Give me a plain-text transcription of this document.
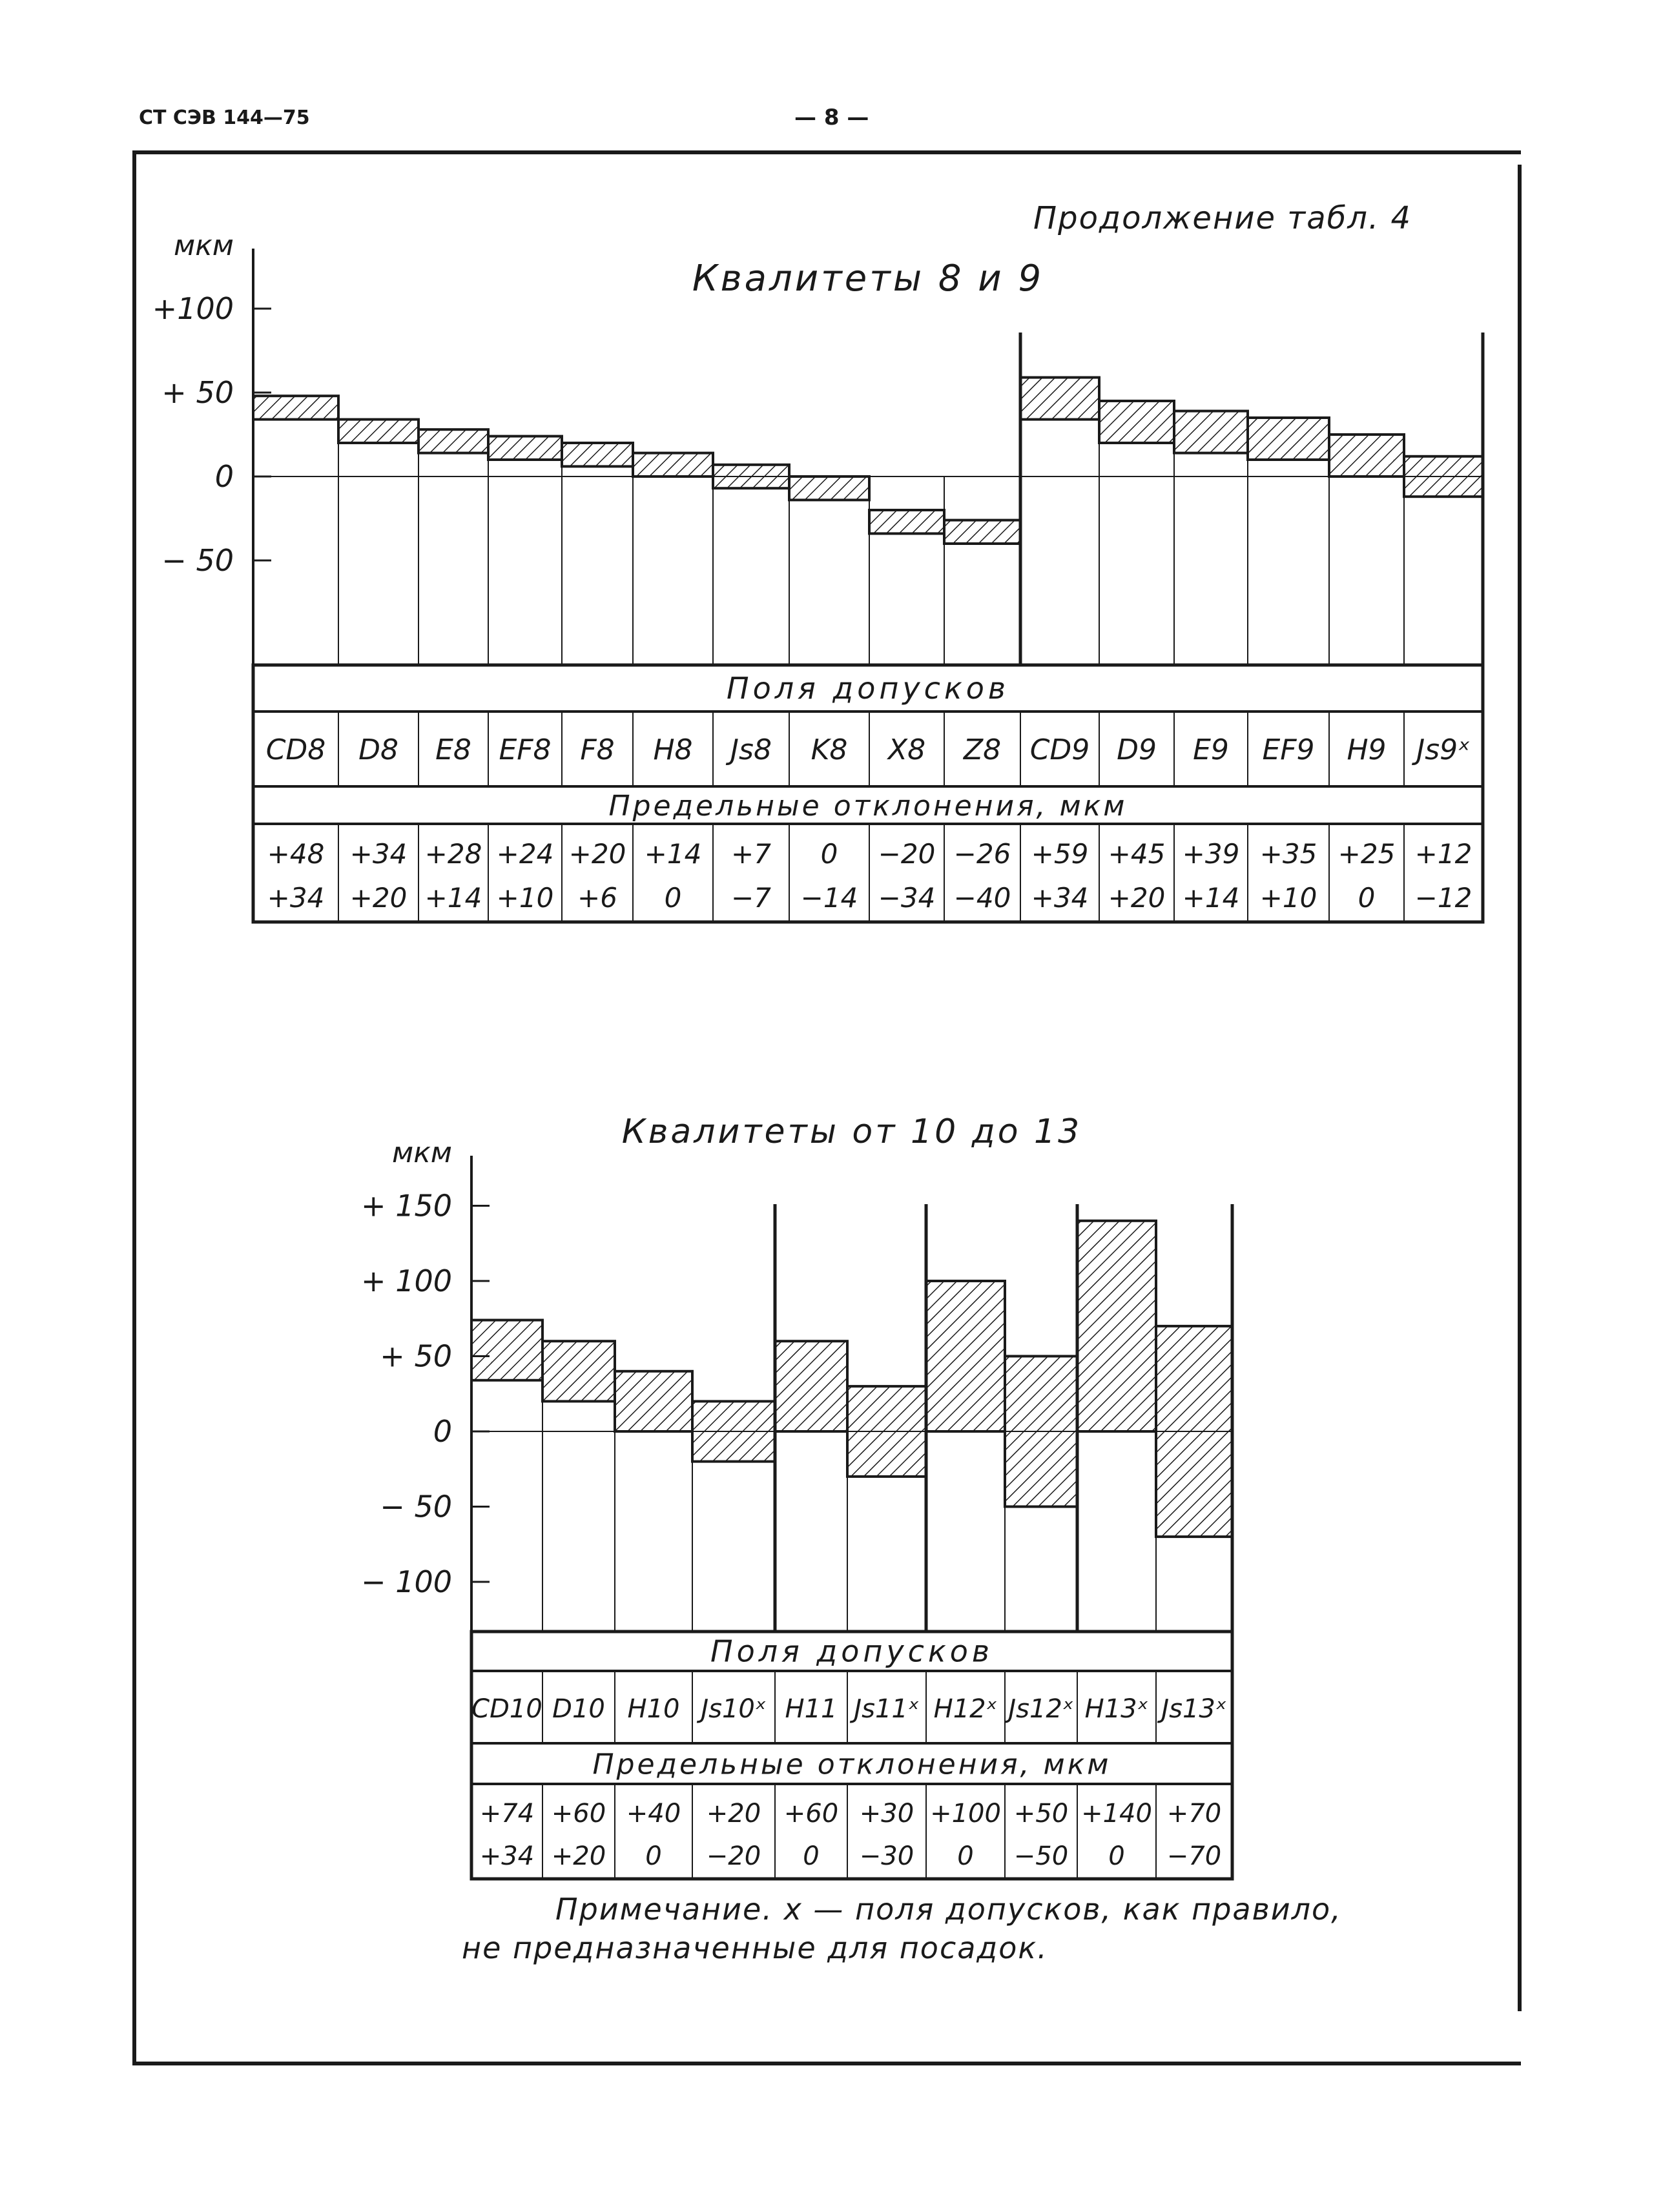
СТ СЭВ 144—75	— 8 —
Продолжение табл. 4
Квалитеты 8 и 9
мкм
+100
+ 50
0
− 50
Поля допусков
Предельные отклонения, мкм
CD8
+48
+34
D8
+34
+20
E8
+28
+14
EF8
+24
+10
F8
+20
+6
H8
+14
0
Js8
+7
−7
K8
0
−14
X8
−20
−34
Z8
−26
−40
CD9
+59
+34
D9
+45
+20
E9
+39
+14
EF9
+35
+10
H9
+25
0
Js9ˣ
+12
−12
Квалитеты от 10 до 13
мкм
+ 150
+ 100
+ 50
0
− 50
− 100
Поля допусков
Предельные отклонения, мкм
CD10
+74
+34
D10
+60
+20
H10
+40
0
Js10ˣ
+20
−20
H11
+60
0
Js11ˣ
+30
−30
H12ˣ
+100
0
Js12ˣ
+50
−50
H13ˣ
+140
0
Js13ˣ
+70
−70
Примечание. х — поля допусков, как правило,
не предназначенные для посадок.
